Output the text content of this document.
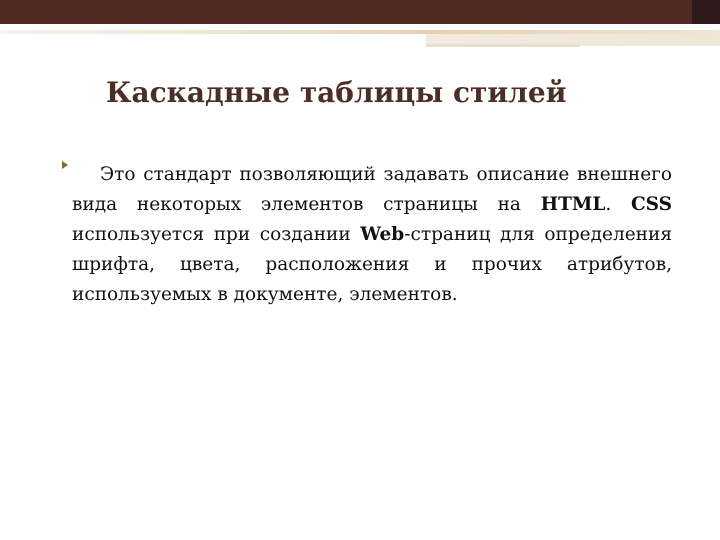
Каскадные таблицы стилей

Это стандарт позволяющий задавать описание внешнего вида некоторых элементов страницы на HTML. CSS используется при создании Web-страниц для определения шрифта, цвета, расположения и прочих атрибутов, используемых в документе, элементов.
